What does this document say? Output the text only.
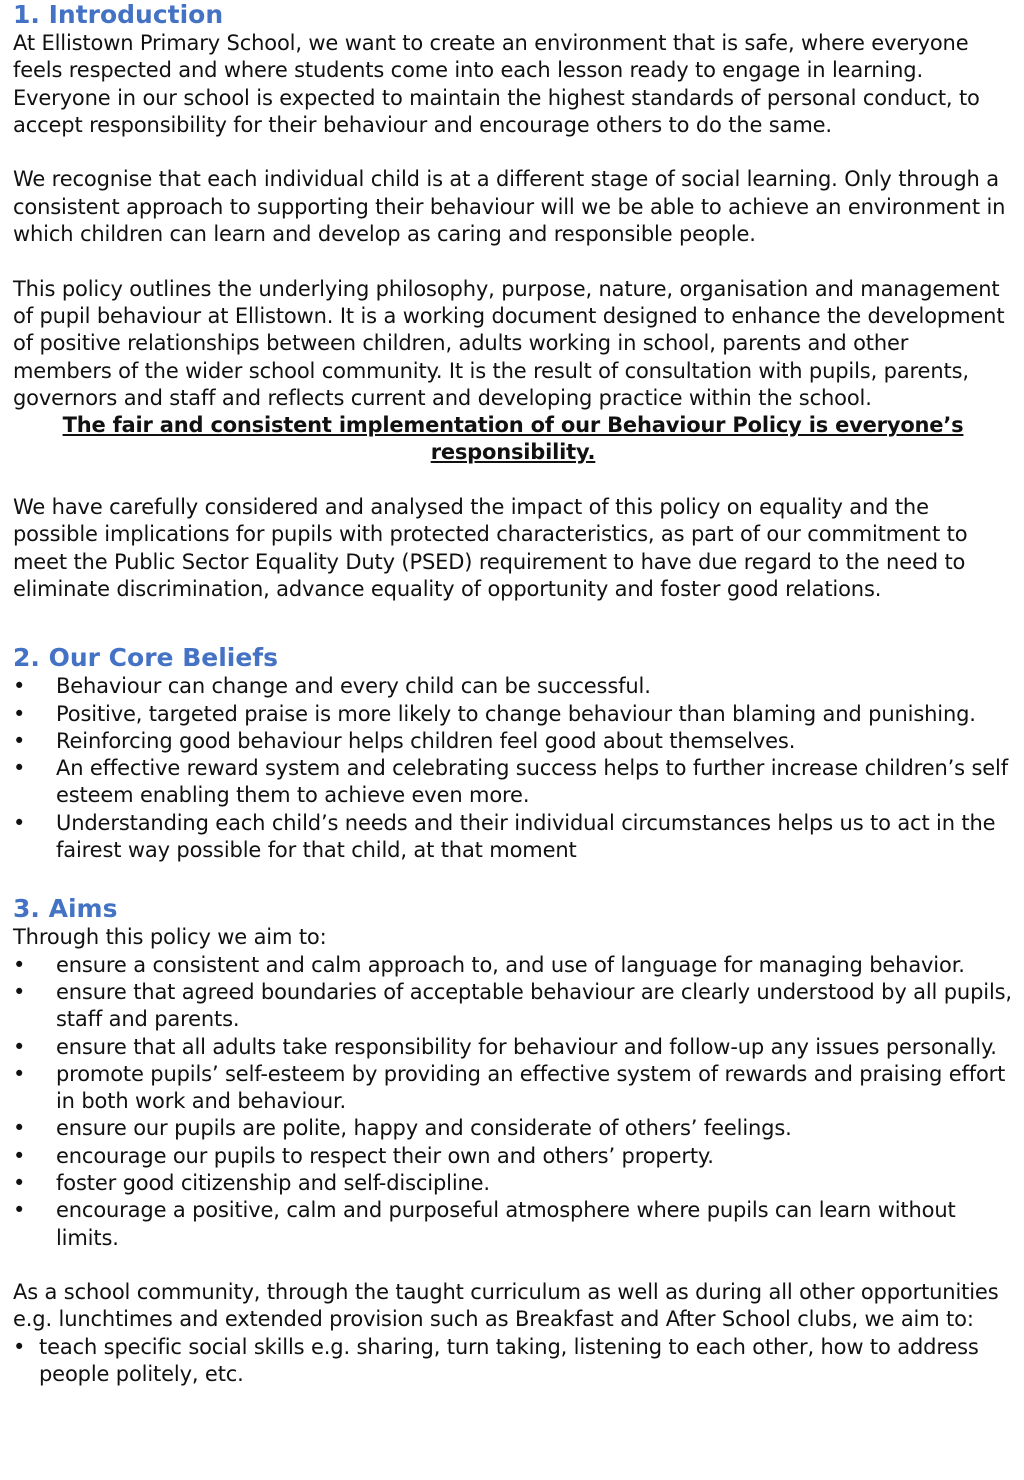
1. Introduction

At Ellistown Primary School, we want to create an environment that is safe, where everyone feels respected and where students come into each lesson ready to engage in learning. Everyone in our school is expected to maintain the highest standards of personal conduct, to accept responsibility for their behaviour and encourage others to do the same.

We recognise that each individual child is at a different stage of social learning. Only through a consistent approach to supporting their behaviour will we be able to achieve an environment in which children can learn and develop as caring and responsible people.

This policy outlines the underlying philosophy, purpose, nature, organisation and management of pupil behaviour at Ellistown. It is a working document designed to enhance the development of positive relationships between children, adults working in school, parents and other members of the wider school community. It is the result of consultation with pupils, parents, governors and staff and reflects current and developing practice within the school.

The fair and consistent implementation of our Behaviour Policy is everyone’s responsibility.

We have carefully considered and analysed the impact of this policy on equality and the possible implications for pupils with protected characteristics, as part of our commitment to meet the Public Sector Equality Duty (PSED) requirement to have due regard to the need to eliminate discrimination, advance equality of opportunity and foster good relations.

2. Our Core Beliefs
• Behaviour can change and every child can be successful.
• Positive, targeted praise is more likely to change behaviour than blaming and punishing.
• Reinforcing good behaviour helps children feel good about themselves.
• An effective reward system and celebrating success helps to further increase children’s self esteem enabling them to achieve even more.
• Understanding each child’s needs and their individual circumstances helps us to act in the fairest way possible for that child, at that moment
3. Aims

Through this policy we aim to:

• ensure a consistent and calm approach to, and use of language for managing behavior.
• ensure that agreed boundaries of acceptable behaviour are clearly understood by all pupils, staff and parents.
• ensure that all adults take responsibility for behaviour and follow-up any issues personally.
• promote pupils’ self-esteem by providing an effective system of rewards and praising effort in both work and behaviour.
• ensure our pupils are polite, happy and considerate of others’ feelings.
• encourage our pupils to respect their own and others’ property.
• foster good citizenship and self-discipline.
• encourage a positive, calm and purposeful atmosphere where pupils can learn without limits.

As a school community, through the taught curriculum as well as during all other opportunities e.g. lunchtimes and extended provision such as Breakfast and After School clubs, we aim to:

• teach specific social skills e.g. sharing, turn taking, listening to each other, how to address people politely, etc.
